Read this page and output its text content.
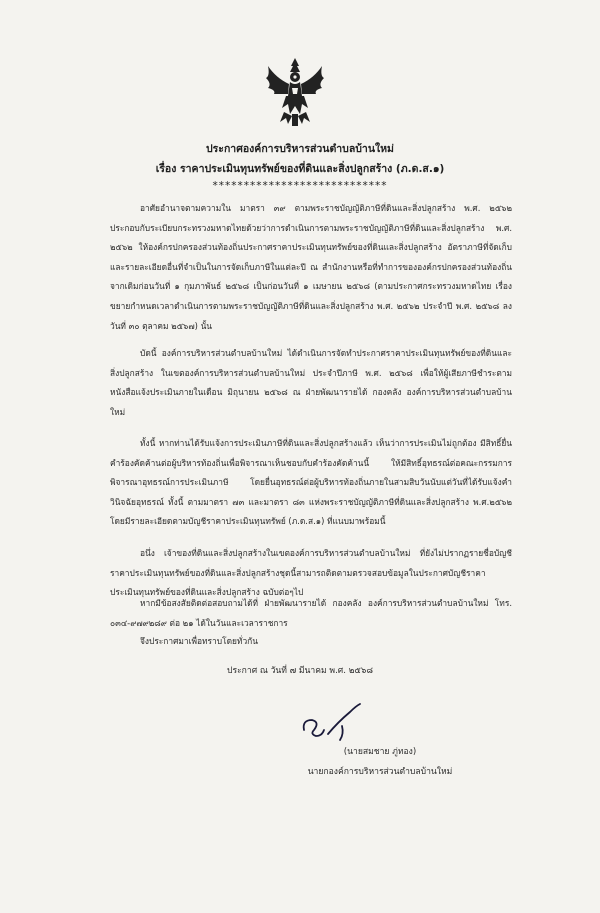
ประกาศองค์การบริหารส่วนตำบลบ้านใหม่
เรื่อง ราคาประเมินทุนทรัพย์ของที่ดินและสิ่งปลูกสร้าง (ภ.ด.ส.๑)
****************************
อาศัยอำนาจตามความใน มาตรา ๓๙ ตามพระราชบัญญัติภาษีที่ดินและสิ่งปลูกสร้าง พ.ศ. ๒๕๖๒ ประกอบกับระเบียบกระทรวงมหาดไทยด้วยว่าการดำเนินการตามพระราชบัญญัติภาษีที่ดินและสิ่งปลูกสร้าง พ.ศ. ๒๕๖๒ ให้องค์กรปกครองส่วนท้องถิ่นประกาศราคาประเมินทุนทรัพย์ของที่ดินและสิ่งปลูกสร้าง อัตราภาษีที่จัดเก็บ และรายละเอียดอื่นที่จำเป็นในการจัดเก็บภาษีในแต่ละปี ณ สำนักงานหรือที่ทำการขององค์กรปกครองส่วนท้องถิ่น จากเดิมก่อนวันที่ ๑ กุมภาพันธ์ ๒๕๖๘ เป็นก่อนวันที่ ๑ เมษายน ๒๕๖๘ (ตามประกาศกระทรวงมหาดไทย เรื่อง ขยายกำหนดเวลาดำเนินการตามพระราชบัญญัติภาษีที่ดินและสิ่งปลูกสร้าง พ.ศ. ๒๕๖๒ ประจำปี พ.ศ. ๒๕๖๘ ลงวันที่ ๓๐ ตุลาคม ๒๕๖๗) นั้น
บัดนี้ องค์การบริหารส่วนตำบลบ้านใหม่ ได้ดำเนินการจัดทำประกาศราคาประเมินทุนทรัพย์ของที่ดินและสิ่งปลูกสร้าง ในเขตองค์การบริหารส่วนตำบลบ้านใหม่ ประจำปีภาษี พ.ศ. ๒๕๖๘ เพื่อให้ผู้เสียภาษีชำระตามหนังสือแจ้งประเมินภายในเดือน มิถุนายน ๒๕๖๘ ณ ฝ่ายพัฒนารายได้ กองคลัง องค์การบริหารส่วนตำบลบ้านใหม่
ทั้งนี้ หากท่านได้รับแจ้งการประเมินภาษีที่ดินและสิ่งปลูกสร้างแล้ว เห็นว่าการประเมินไม่ถูกต้อง มีสิทธิ์ยื่นคำร้องคัดค้านต่อผู้บริหารท้องถิ่นเพื่อพิจารณาเห็นชอบกับคำร้องคัดค้านนี้ ให้มีสิทธิ์อุทธรณ์ต่อคณะกรรมการพิจารณาอุทธรณ์การประเมินภาษี โดยยื่นอุทธรณ์ต่อผู้บริหารท้องถิ่นภายในสามสิบวันนับแต่วันที่ได้รับแจ้งคำวินิจฉัยอุทธรณ์ ทั้งนี้ ตามมาตรา ๗๓ และมาตรา ๘๓ แห่งพระราชบัญญัติภาษีที่ดินและสิ่งปลูกสร้าง พ.ศ.๒๕๖๒ โดยมีรายละเอียดตามบัญชีราคาประเมินทุนทรัพย์ (ภ.ด.ส.๑) ที่แนบมาพร้อมนี้
อนึ่ง เจ้าของที่ดินและสิ่งปลูกสร้างในเขตองค์การบริหารส่วนตำบลบ้านใหม่ ที่ยังไม่ปรากฏรายชื่อบัญชีราคาประเมินทุนทรัพย์ของที่ดินและสิ่งปลูกสร้างชุดนี้สามารถติดตามตรวจสอบข้อมูลในประกาศบัญชีราคาประเมินทุนทรัพย์ของที่ดินและสิ่งปลูกสร้าง ฉบับต่อๆไป
หากมีข้อสงสัยติดต่อสอบถามได้ที่ ฝ่ายพัฒนารายได้ กองคลัง องค์การบริหารส่วนตำบลบ้านใหม่ โทร. ๐๓๔-๙๗๙๒๘๙ ต่อ ๒๑ ได้ในวันและเวลาราชการ
จึงประกาศมาเพื่อทราบโดยทั่วกัน
ประกาศ ณ วันที่ ๗ มีนาคม พ.ศ. ๒๕๖๘
(นายสมชาย ภู่ทอง)
นายกองค์การบริหารส่วนตำบลบ้านใหม่
